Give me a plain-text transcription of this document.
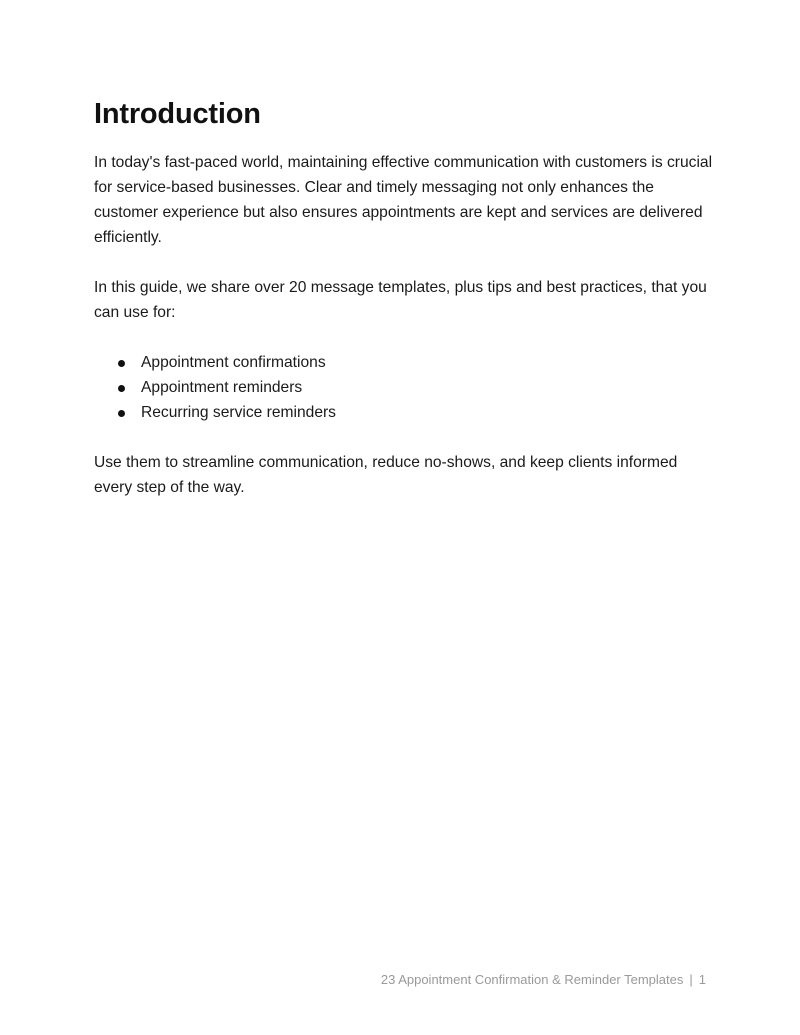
Introduction

In today's fast-paced world, maintaining effective communication with customers is crucial for service-based businesses. Clear and timely messaging not only enhances the customer experience but also ensures appointments are kept and services are delivered efficiently.

In this guide, we share over 20 message templates, plus tips and best practices, that you can use for:

Appointment confirmations
Appointment reminders
Recurring service reminders

Use them to streamline communication, reduce no-shows, and keep clients informed every step of the way.

23 Appointment Confirmation & Reminder Templates | 1
